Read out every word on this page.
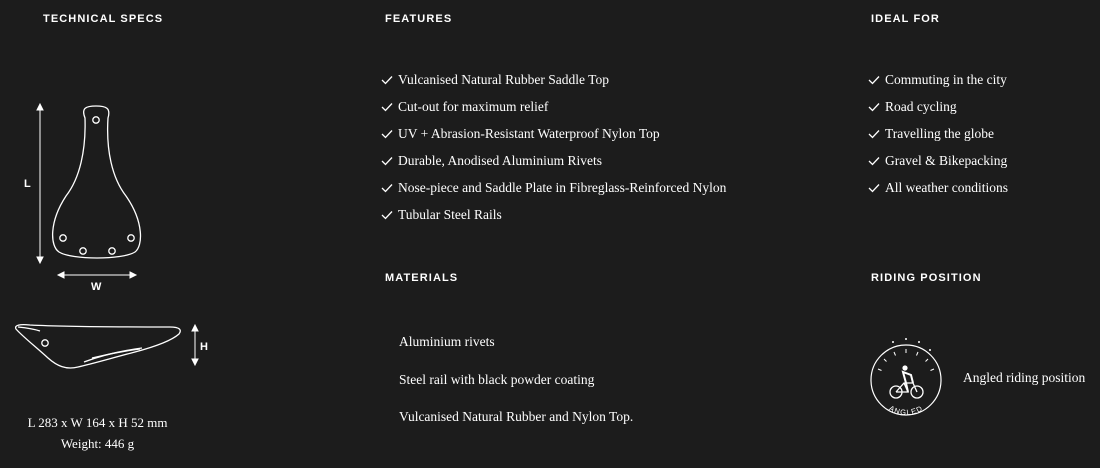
TECHNICAL SPECS	FEATURES	IDEAL FOR
MATERIALS	RIDING POSITION
L
W
H
L 283 x W 164 x H 52 mm
Weight: 446 g
Vulcanised Natural Rubber Saddle Top
Cut-out for maximum relief
UV + Abrasion-Resistant Waterproof Nylon Top
Durable, Anodised Aluminium Rivets
Nose-piece and Saddle Plate in Fibreglass-Reinforced Nylon
Tubular Steel Rails
Commuting in the city
Road cycling
Travelling the globe
Gravel & Bikepacking
All weather conditions
Aluminium rivets
Steel rail with black powder coating
Vulcanised Natural Rubber and Nylon Top.
ANGLED
Angled riding position
